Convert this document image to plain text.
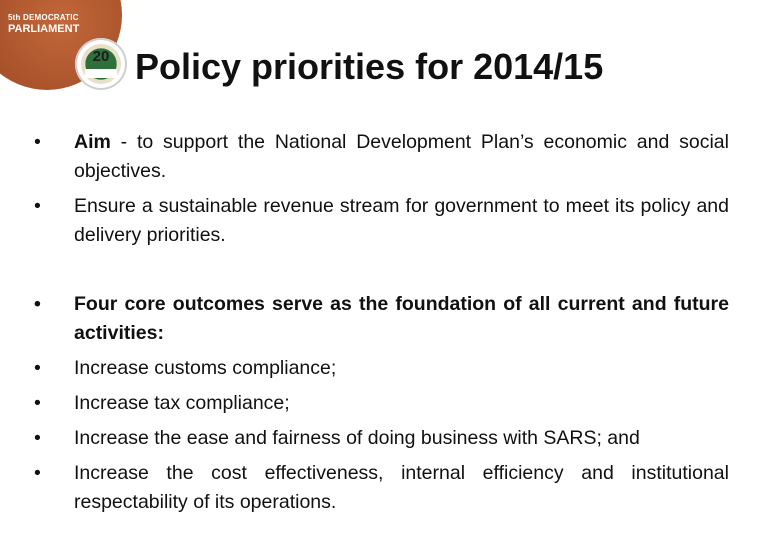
5th DEMOCRATIC
PARLIAMENT
20 Policy priorities for 2014/15

• Aim - to support the National Development Plan’s economic and social objectives.

• Ensure a sustainable revenue stream for government to meet its policy and delivery priorities.

• Four core outcomes serve as the foundation of all current and future activities:

• Increase customs compliance;

• Increase tax compliance;

• Increase the ease and fairness of doing business with SARS; and

• Increase the cost effectiveness, internal efficiency and institutional respectability of its operations.
